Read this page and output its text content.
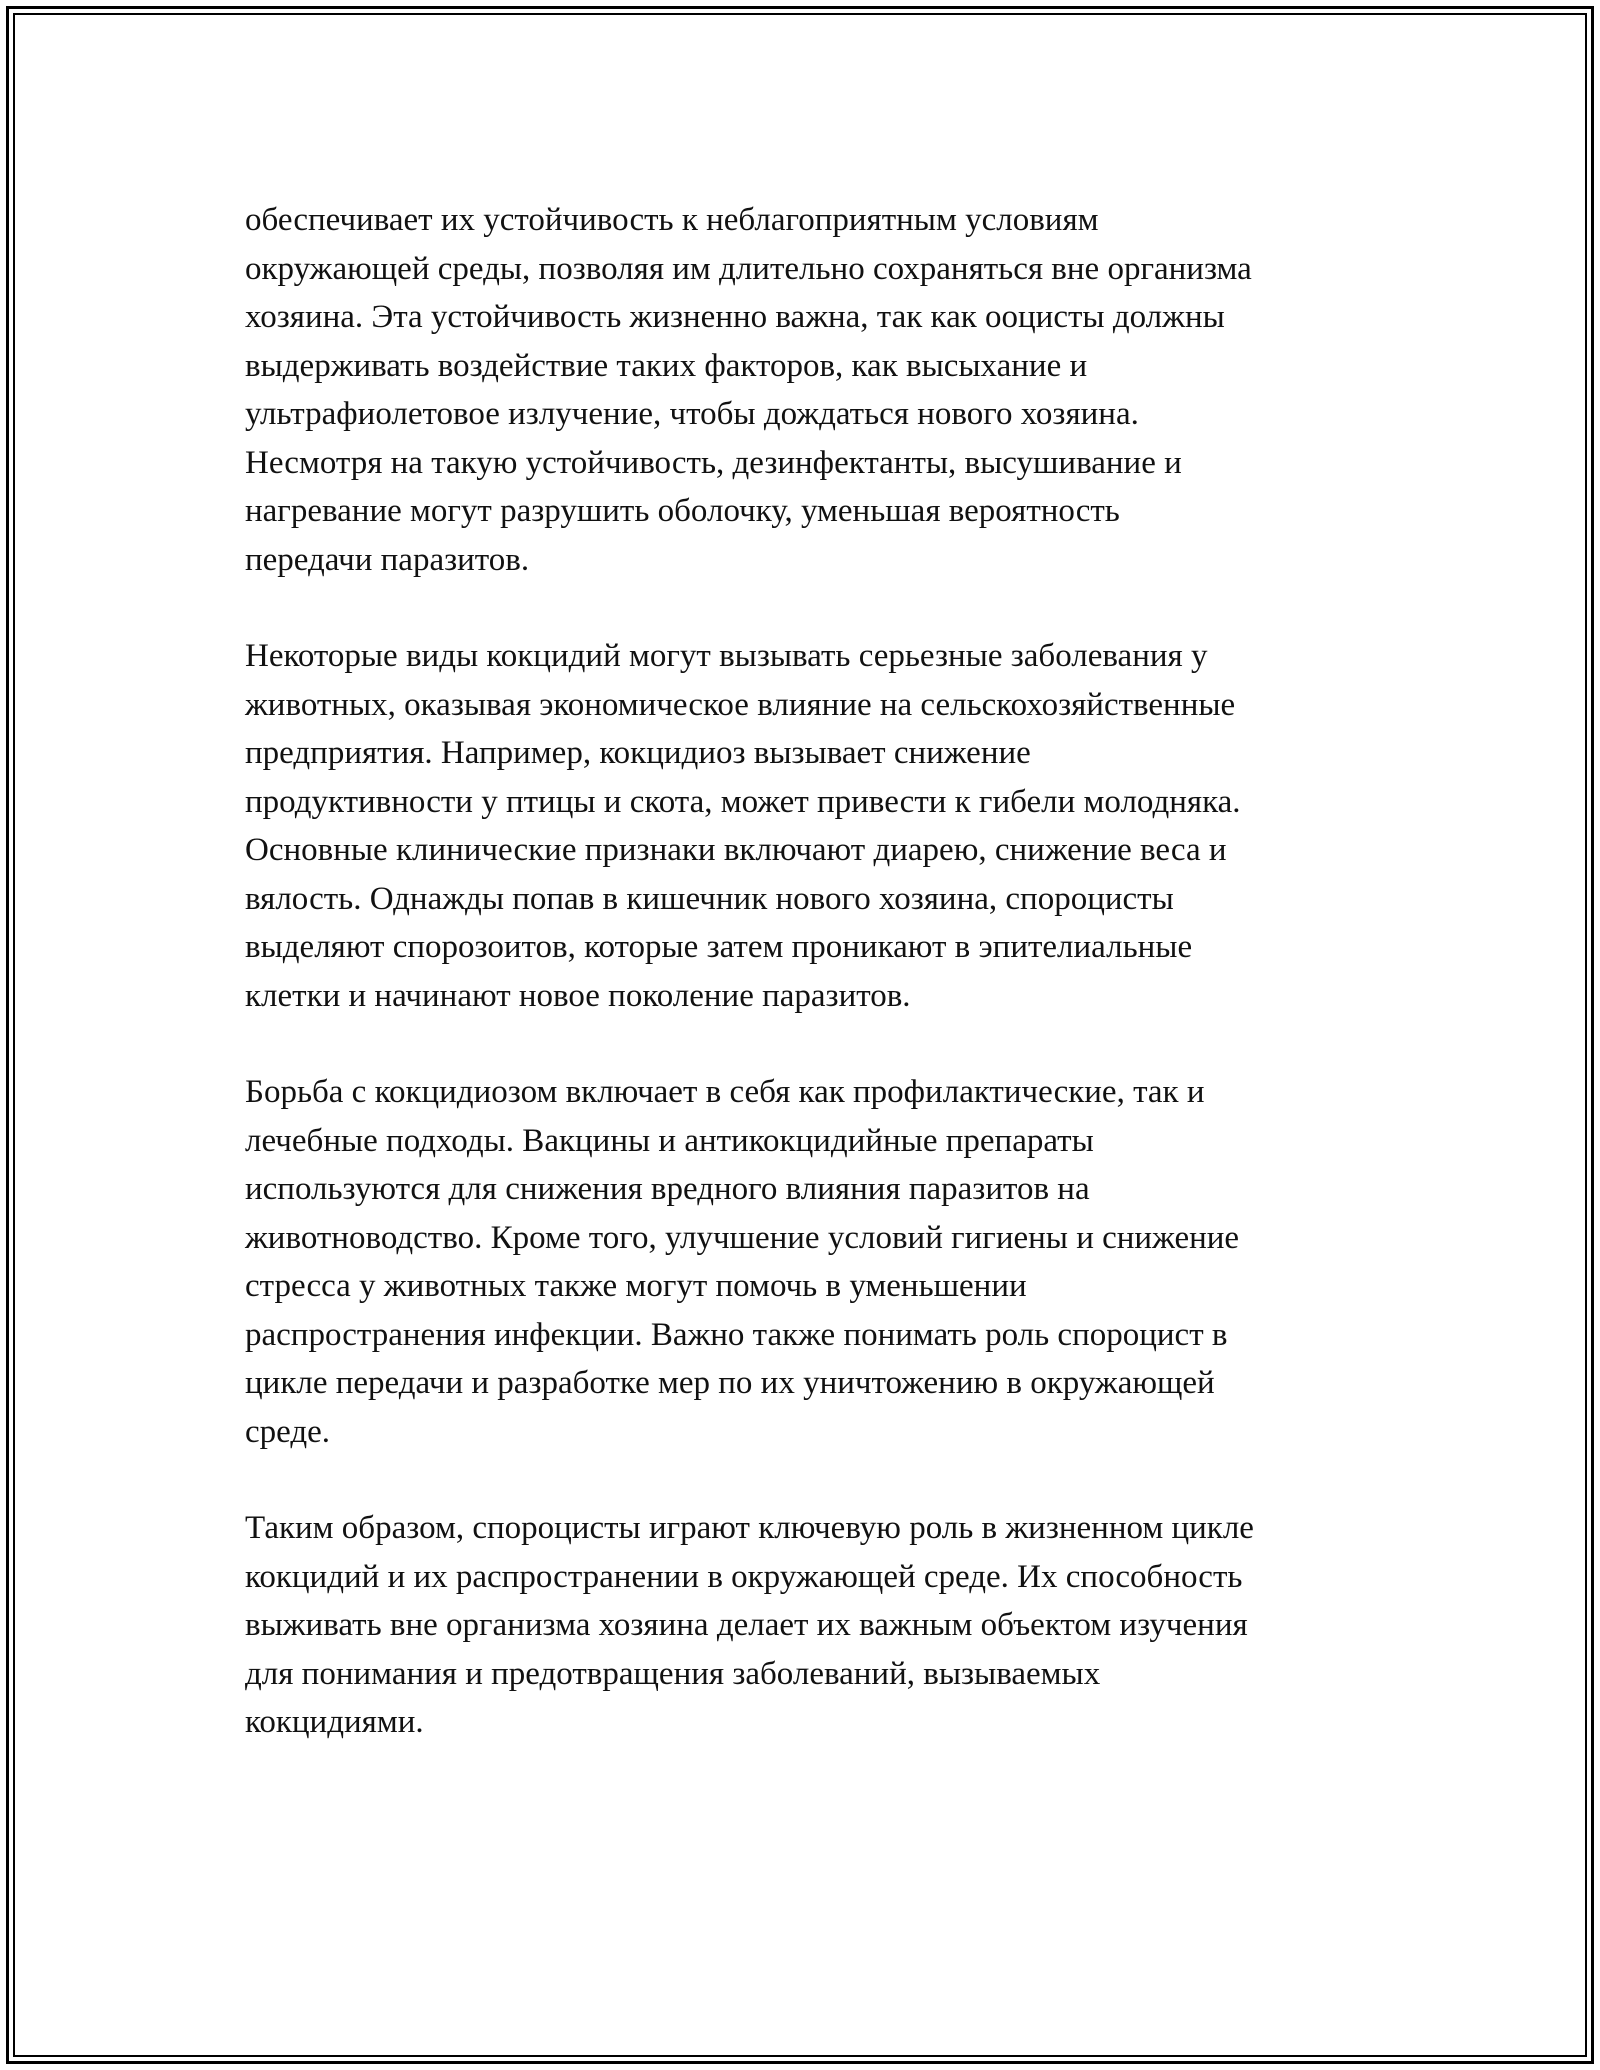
обеспечивает их устойчивость к неблагоприятным условиям
окружающей среды, позволяя им длительно сохраняться вне организма
хозяина. Эта устойчивость жизненно важна, так как ооцисты должны
выдерживать воздействие таких факторов, как высыхание и
ультрафиолетовое излучение, чтобы дождаться нового хозяина.
Несмотря на такую устойчивость, дезинфектанты, высушивание и
нагревание могут разрушить оболочку, уменьшая вероятность
передачи паразитов.

Некоторые виды кокцидий могут вызывать серьезные заболевания у
животных, оказывая экономическое влияние на сельскохозяйственные
предприятия. Например, кокцидиоз вызывает снижение
продуктивности у птицы и скота, может привести к гибели молодняка.
Основные клинические признаки включают диарею, снижение веса и
вялость. Однажды попав в кишечник нового хозяина, спороцисты
выделяют спорозоитов, которые затем проникают в эпителиальные
клетки и начинают новое поколение паразитов.

Борьба с кокцидиозом включает в себя как профилактические, так и
лечебные подходы. Вакцины и антикокцидийные препараты
используются для снижения вредного влияния паразитов на
животноводство. Кроме того, улучшение условий гигиены и снижение
стресса у животных также могут помочь в уменьшении
распространения инфекции. Важно также понимать роль спороцист в
цикле передачи и разработке мер по их уничтожению в окружающей
среде.

Таким образом, спороцисты играют ключевую роль в жизненном цикле
кокцидий и их распространении в окружающей среде. Их способность
выживать вне организма хозяина делает их важным объектом изучения
для понимания и предотвращения заболеваний, вызываемых
кокцидиями.
